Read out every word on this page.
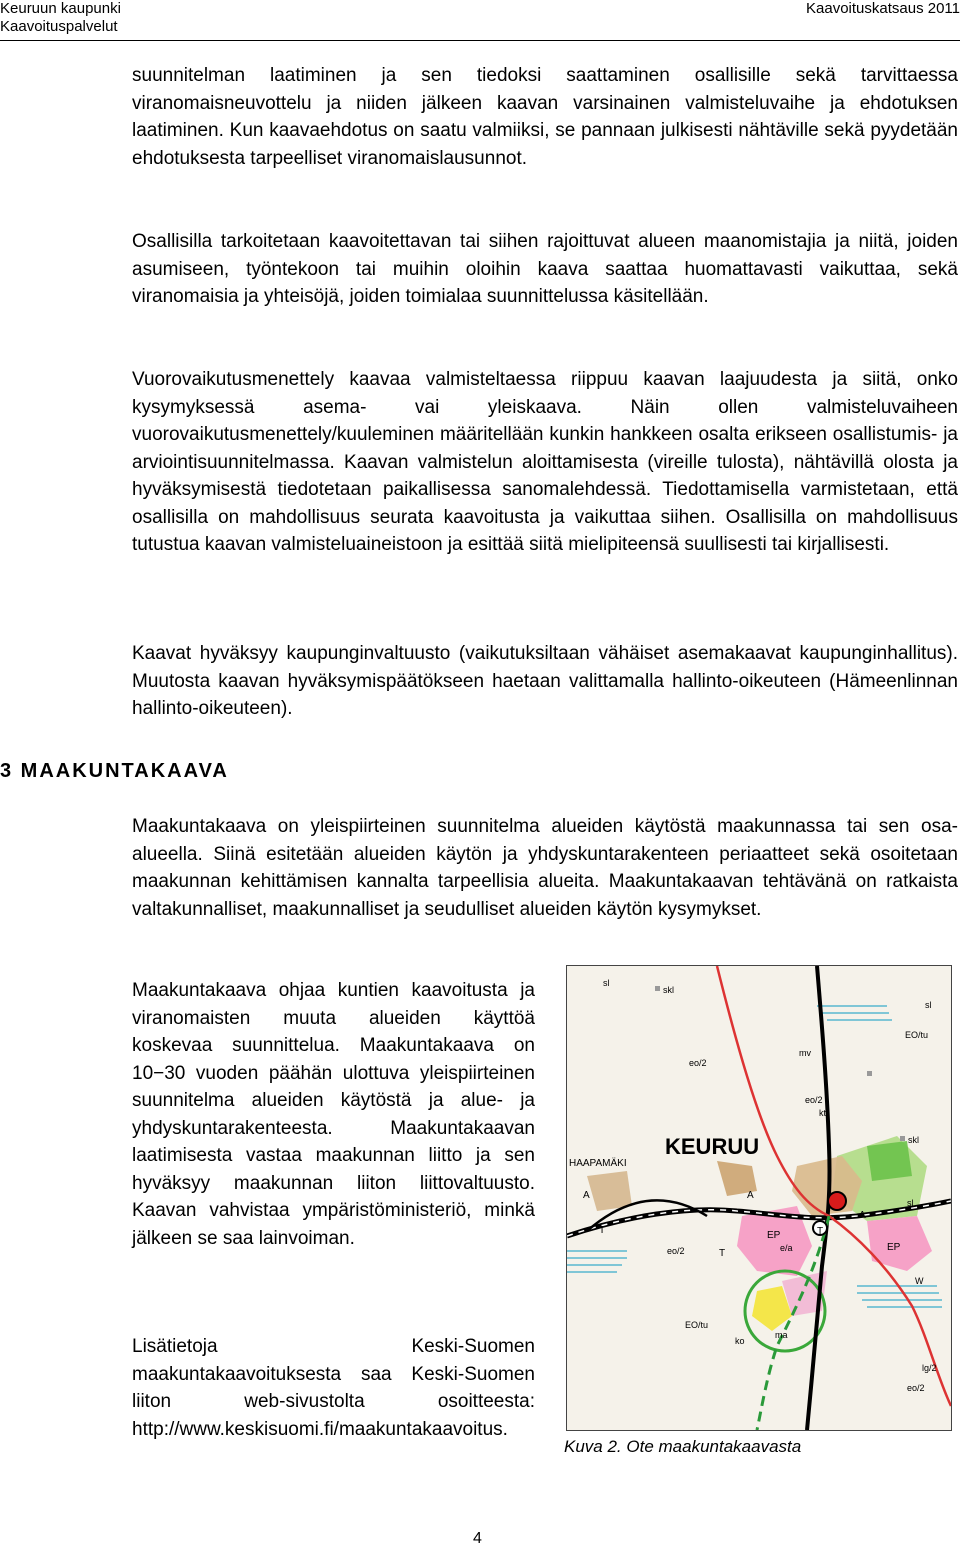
Keuruun kaupunki
Kaavoituspalvelut
Kaavoituskatsaus 2011

suunnitelman laatiminen ja sen tiedoksi saattaminen osallisille sekä tarvittaessa viranomaisneuvottelu ja niiden jälkeen kaavan varsinainen valmisteluvaihe ja ehdotuksen laatiminen. Kun kaavaehdotus on saatu valmiiksi, se pannaan julkisesti nähtäville sekä pyydetään ehdotuksesta tarpeelliset viranomaislausunnot.

Osallisilla tarkoitetaan kaavoitettavan tai siihen rajoittuvat alueen maanomistajia ja niitä, joiden asumiseen, työntekoon tai muihin oloihin kaava saattaa huomattavasti vaikuttaa, sekä viranomaisia ja yhteisöjä, joiden toimialaa suunnittelussa käsitellään.

Vuorovaikutusmenettely kaavaa valmisteltaessa riippuu kaavan laajuudesta ja siitä, onko kysymyksessä asema- vai yleiskaava. Näin ollen valmisteluvaiheen vuorovaikutusmenettely/kuuleminen määritellään kunkin hankkeen osalta erikseen osallistumis- ja arviointisuunnitelmassa. Kaavan valmistelun aloittamisesta (vireille tulosta), nähtävillä olosta ja hyväksymisestä tiedotetaan paikallisessa sanomalehdessä. Tiedottamisella varmistetaan, että osallisilla on mahdollisuus seurata kaavoitusta ja vaikuttaa siihen. Osallisilla on mahdollisuus tutustua kaavan valmisteluaineistoon ja esittää siitä mielipiteensä suullisesti tai kirjallisesti.

Kaavat hyväksyy kaupunginvaltuusto (vaikutuksiltaan vähäiset asemakaavat kaupunginhallitus). Muutosta kaavan hyväksymispäätökseen haetaan valittamalla hallinto-oikeuteen (Hämeenlinnan hallinto-oikeuteen).

3 MAAKUNTAKAAVA

Maakuntakaava on yleispiirteinen suunnitelma alueiden käytöstä maakunnassa tai sen osa-alueella. Siinä esitetään alueiden käytön ja yhdyskuntarakenteen periaatteet sekä osoitetaan maakunnan kehittämisen kannalta tarpeellisia alueita. Maakuntakaavan tehtävänä on ratkaista valtakunnalliset, maakunnalliset ja seudulliset alueiden käytön kysymykset.

Maakuntakaava ohjaa kuntien kaavoitusta ja viranomaisten muuta alueiden käyttöä koskevaa suunnittelua. Maakuntakaava on 10−30 vuoden päähän ulottuva yleispiirteinen suunnitelma alueiden käytöstä ja alue- ja yhdyskuntarakenteesta. Maakuntakaavan laatimisesta vastaa maakunnan liitto ja sen hyväksyy maakunnan liiton liittovaltuusto. Kaavan vahvistaa ympäristöministeriö, minkä jälkeen se saa lainvoiman.

Lisätietoja Keski-Suomen maakuntakaavoituksesta saa Keski-Suomen liiton web-sivustolta osoitteesta: http://www.keskisuomi.fi/maakuntakaavoitus.

KEURUU
HAAPAMÄKI
sl
sl
sl
skl
skl
EO/tu
EO/tu
mv
eo/2
eo/2
eo/2
eo/2
EP
EP
e/a
A	A
A
T
T
T
lg/2
ma
W
ko
kt
Kuva 2. Ote maakuntakaavasta
4
